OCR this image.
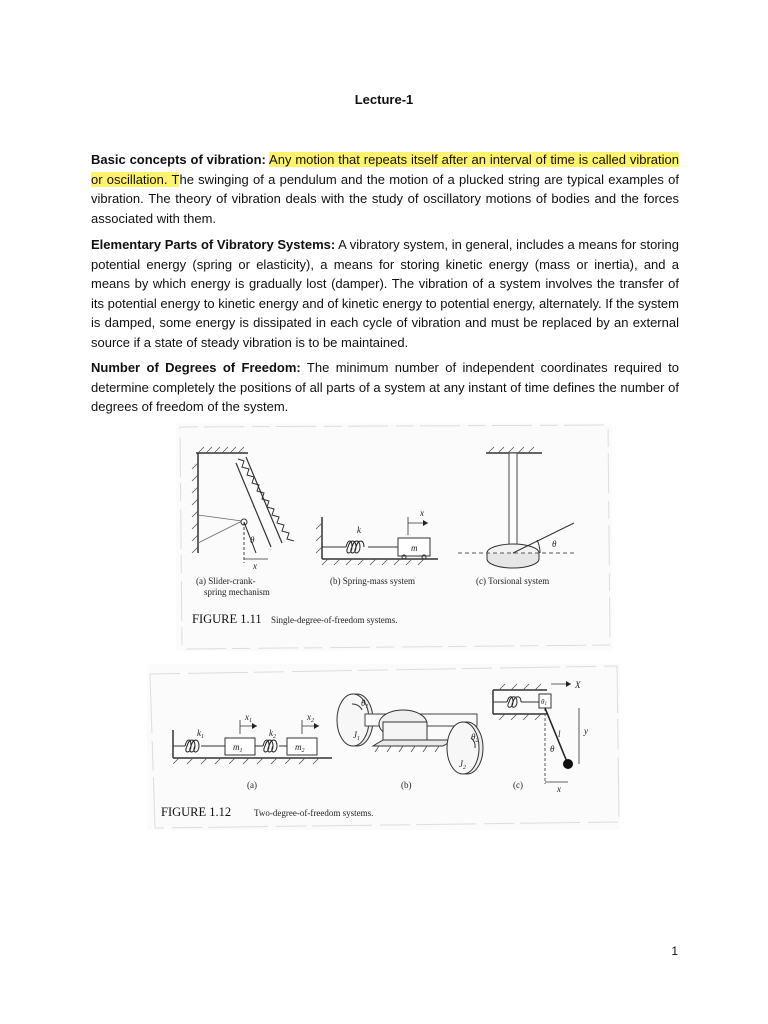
Lecture-1

Basic concepts of vibration: Any motion that repeats itself after an interval of time is called vibration or oscillation. The swinging of a pendulum and the motion of a plucked string are typical examples of vibration. The theory of vibration deals with the study of oscillatory motions of bodies and the forces associated with them.

Elementary Parts of Vibratory Systems: A vibratory system, in general, includes a means for storing potential energy (spring or elasticity), a means for storing kinetic energy (mass or inertia), and a means by which energy is gradually lost (damper). The vibration of a system involves the transfer of its potential energy to kinetic energy and of kinetic energy to potential energy, alternately. If the system is damped, some energy is dissipated in each cycle of vibration and must be replaced by an external source if a state of steady vibration is to be maintained.

Number of Degrees of Freedom: The minimum number of independent coordinates required to determine completely the positions of all parts of a system at any instant of time defines the number of degrees of freedom of the system.

θ
x
(a) Slider-crank-
spring mechanism
k
m
x
(b) Spring-mass system
θ
(c) Torsional system
FIGURE 1.11 Single-degree-of-freedom systems.
$k_1$
$m_1$
$k_2$
$m_2$
$x_1$	$x_2$
(a)
$\theta_1$
$J_1$	$\theta_2$
$J_2$
(b)
θ1
X
l
θ
y
x
(c)
FIGURE 1.12	Two-degree-of-freedom systems.
1
